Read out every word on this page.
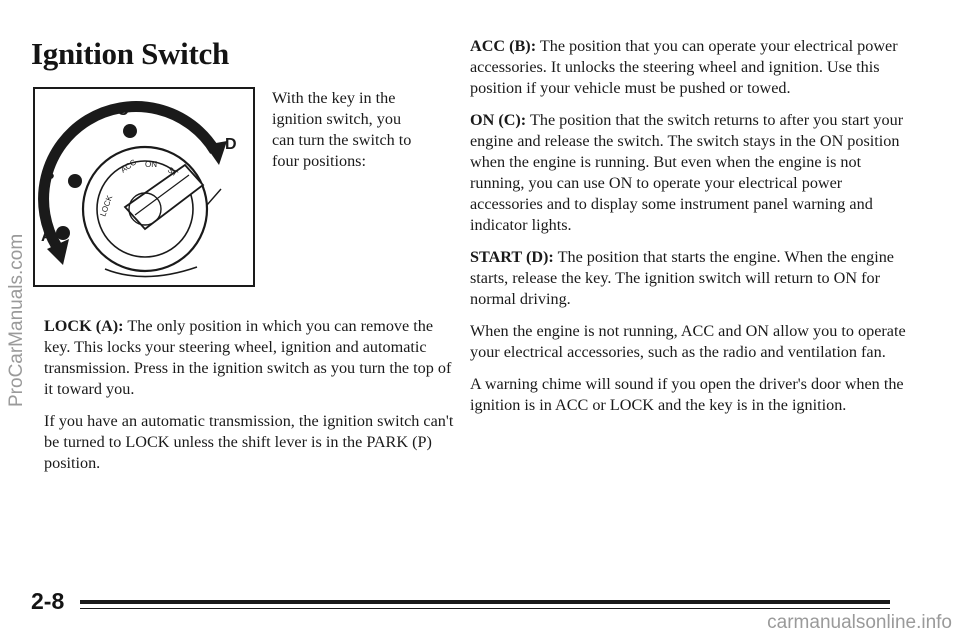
Ignition Switch
C
D
B
A
ACC ON
ST
LOCK

With the key in the ignition switch, you can turn the switch to four positions:

LOCK (A): The only position in which you can remove the key. This locks your steering wheel, ignition and automatic transmission. Press in the ignition switch as you turn the top of it toward you.

If you have an automatic transmission, the ignition switch can't be turned to LOCK unless the shift lever is in the PARK (P) position.

ACC (B): The position that you can operate your electrical power accessories. It unlocks the steering wheel and ignition. Use this position if your vehicle must be pushed or towed.

ON (C): The position that the switch returns to after you start your engine and release the switch. The switch stays in the ON position when the engine is running. But even when the engine is not running, you can use ON to operate your electrical power accessories and to display some instrument panel warning and indicator lights.

START (D): The position that starts the engine. When the engine starts, release the key. The ignition switch will return to ON for normal driving.

When the engine is not running, ACC and ON allow you to operate your electrical accessories, such as the radio and ventilation fan.

A warning chime will sound if you open the driver's door when the ignition is in ACC or LOCK and the key is in the ignition.

2-8

ProCarManuals.com

carmanualsonline.info
